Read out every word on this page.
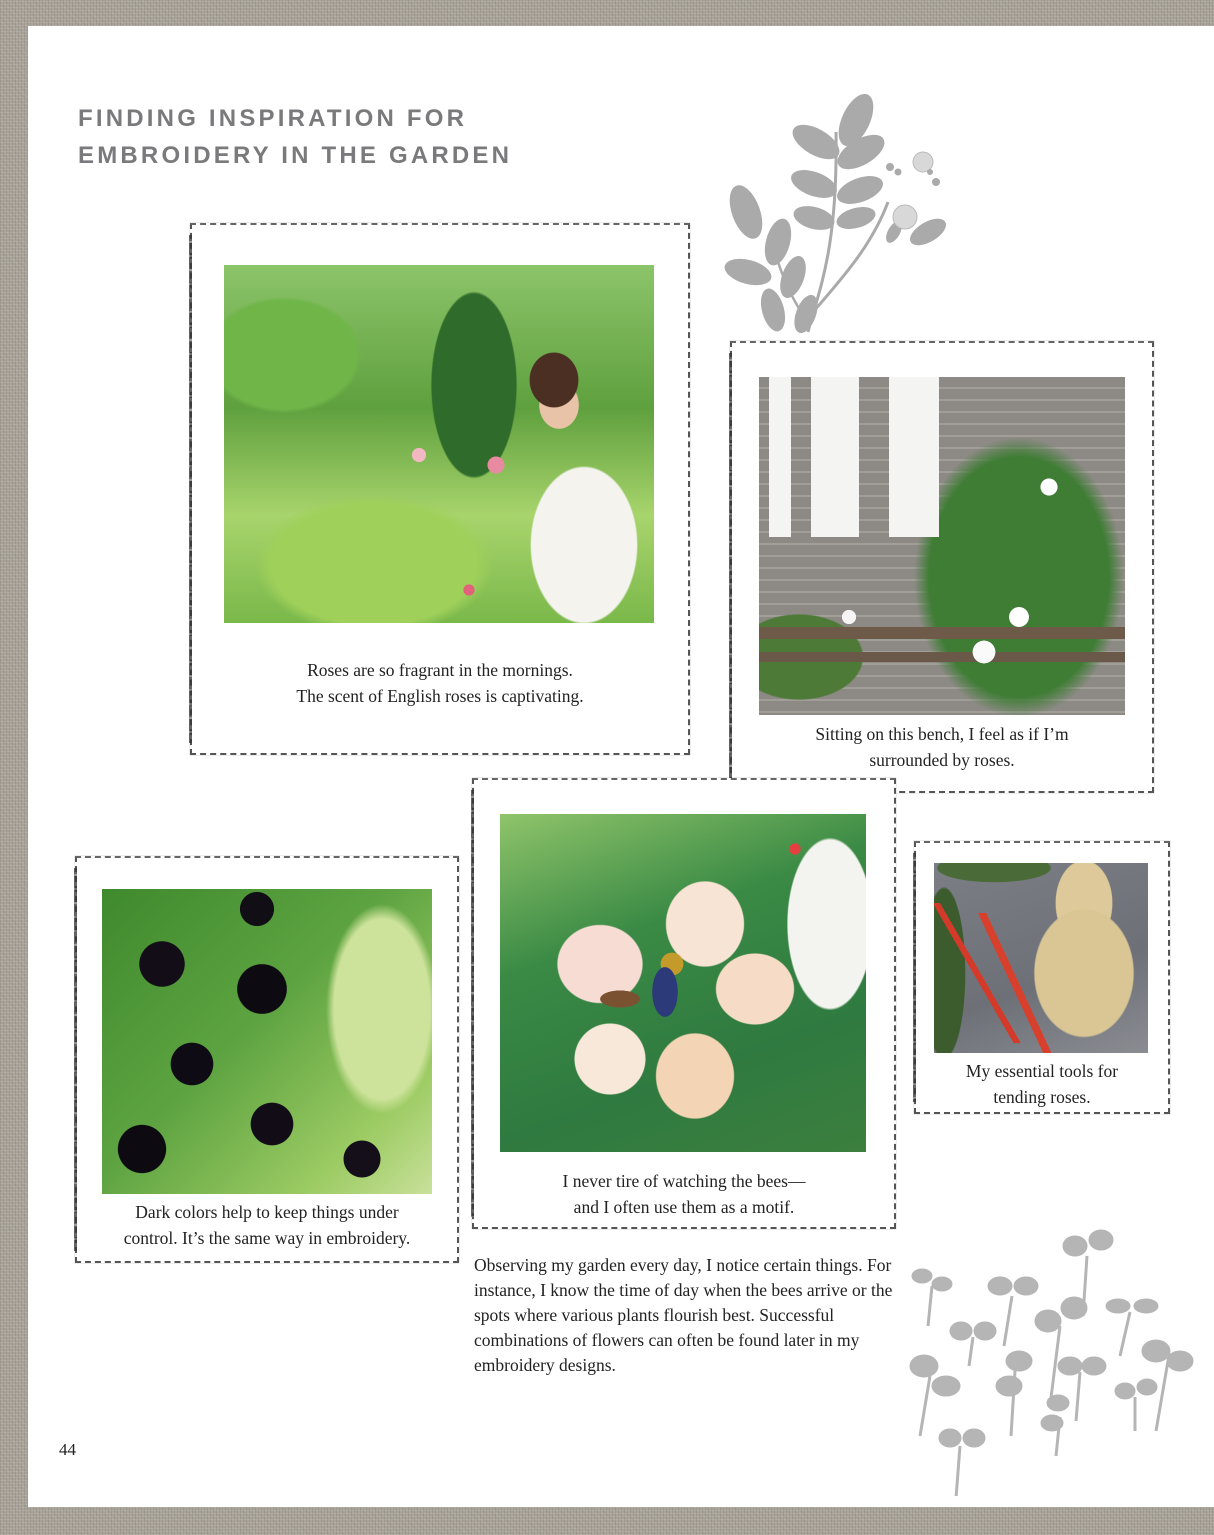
FINDING INSPIRATION FOR
EMBROIDERY IN THE GARDEN
Roses are so fragrant in the mornings.
The scent of English roses is captivating.
Sitting on this bench, I feel as if I’m
surrounded by roses.
I never tire of watching the bees—
and I often use them as a motif.
Dark colors help to keep things under
control. It’s the same way in embroidery.
My essential tools for
tending roses.

Observing my garden every day, I notice certain things. For instance, I know the time of day when the bees arrive or the spots where various plants flourish best. Successful combinations of flowers can often be found later in my embroidery designs.

44
